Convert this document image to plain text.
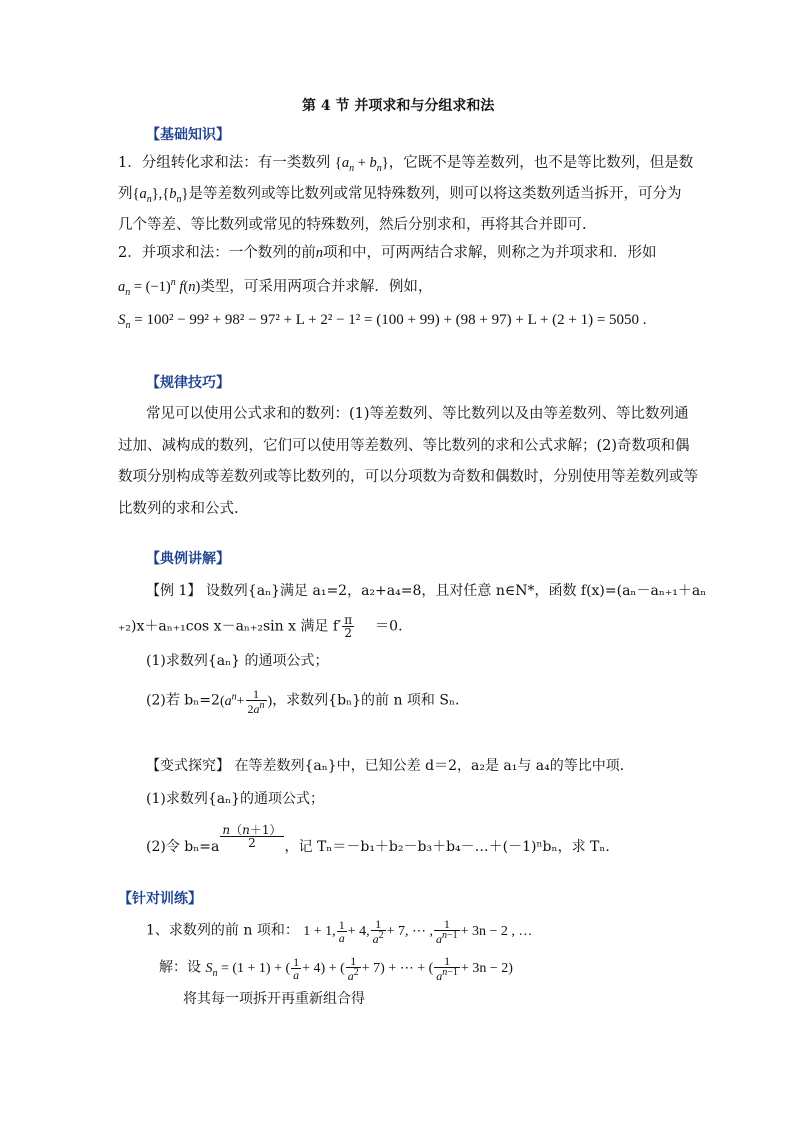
第 4 节 并项求和与分组求和法
【基础知识】
1．分组转化求和法：有一类数列 $\{a_n + b_n\}$，它既不是等差数列，也不是等比数列，但是数
列$\{a_n\},\{b_n\}$是等差数列或等比数列或常见特殊数列，则可以将这类数列适当拆开，可分为
几个等差、等比数列或常见的特殊数列，然后分别求和，再将其合并即可.
2．并项求和法：一个数列的前n项和中，可两两结合求解，则称之为并项求和．形如
$a_n = (-1)^n$ f(n)类型，可采用两项合并求解．例如，
$S_n = 100^2 - 99^2 + 98^2 - 97^2 + L + 2^2 - 1^2 = (100 + 99) + (98 + 97) + L + (2 + 1) = 5050$ .
【规律技巧】
常见可以使用公式求和的数列：(1)等差数列、等比数列以及由等差数列、等比数列通
过加、减构成的数列，它们可以使用等差数列、等比数列的求和公式求解；(2)奇数项和偶
数项分别构成等差数列或等比数列的，可以分项数为奇数和偶数时，分别使用等差数列或等
比数列的求和公式.
【典例讲解】
【例 1】 设数列{aₙ}满足 a₁=2，a₂+a₄=8，且对任意 n∈N*，函数 f(x)=(aₙ－aₙ₊₁＋aₙ
₊₂)x＋aₙ₊₁cos x－aₙ₊₂sin x 满足 $f' \frac{\pi}{2} =0$.
(1)求数列{aₙ} 的通项公式；
(2)若 $b_n=2(a^n+ \frac{1}{2a^n}$ )，求数列{bₙ}的前 n 项和 Sₙ.
【变式探究】 在等差数列{aₙ}中，已知公差 d＝2，a₂是 a₁与 a₄的等比中项．
(1)求数列{aₙ}的通项公式；
(2)令 $b_n=a \frac{n(n+1)}{2}$ ，记 Tₙ＝－b₁＋b₂－b₃＋b₄－…＋(－1)ⁿbₙ，求 Tₙ.
【针对训练】
1、求数列的前 n 项和： 1 + 1, $\frac{1}{a} + 4$, $\frac{1}{a^2} + 7$, ⋯ , $\frac{1}{a^{n-1}} + 3n - 2$ , …
解：设 $S_n = (1 + 1)$ + ( $\frac{1}{a} + 4$) + ( $\frac{1}{a^2} + 7$) + ⋯ + ( $\frac{1}{a^{n-1}} + 3n - 2$)
将其每一项拆开再重新组合得
